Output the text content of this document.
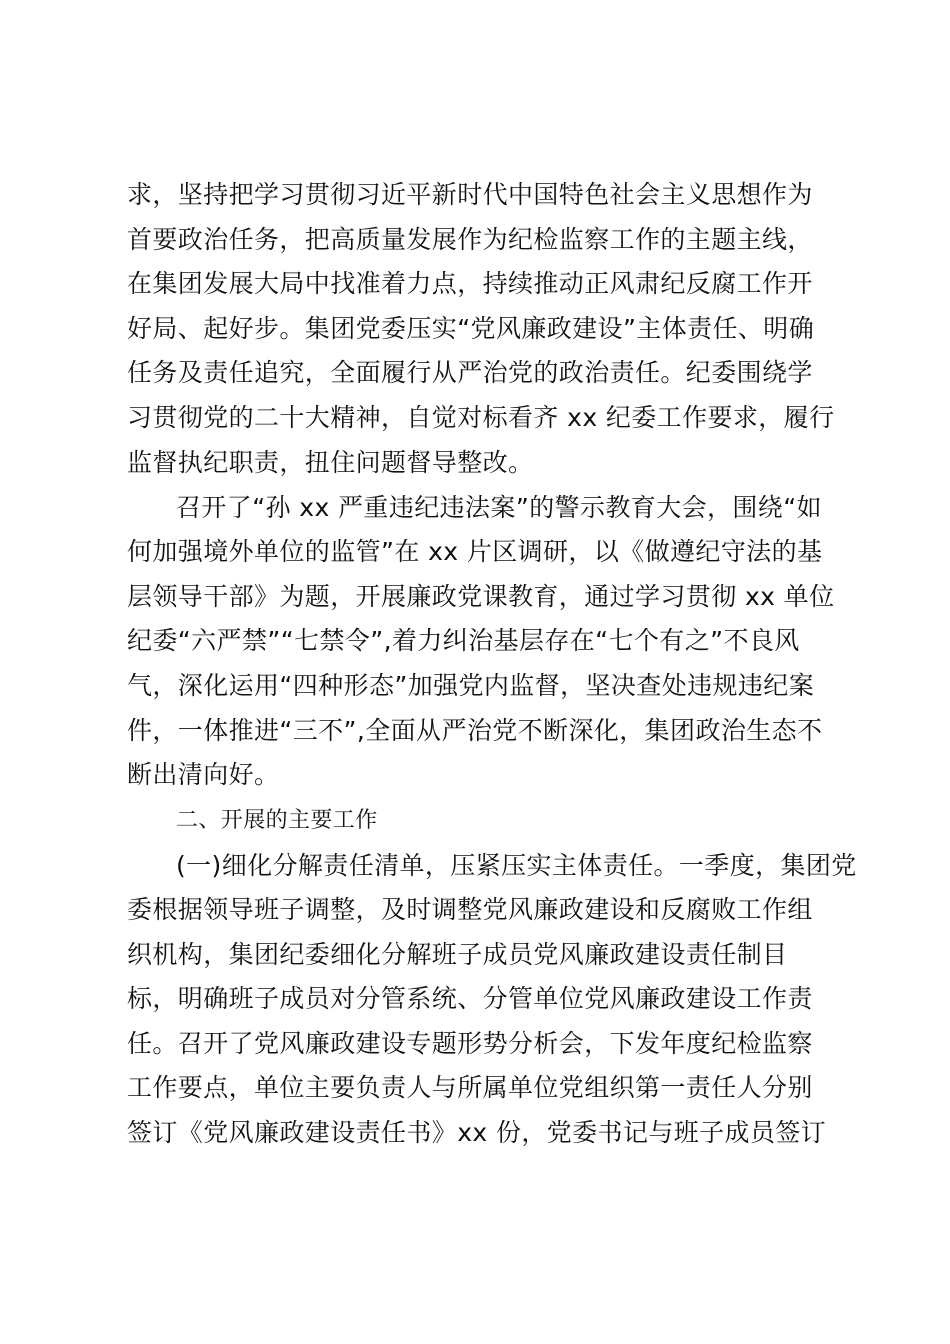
求，坚持把学习贯彻习近平新时代中国特色社会主义思想作为
首要政治任务，把高质量发展作为纪检监察工作的主题主线，
在集团发展大局中找准着力点，持续推动正风肃纪反腐工作开
好局、起好步。集团党委压实“党风廉政建设”主体责任、明确
任务及责任追究，全面履行从严治党的政治责任。纪委围绕学
习贯彻党的二十大精神，自觉对标看齐 xx 纪委工作要求，履行
监督执纪职责，扭住问题督导整改。
召开了“孙 xx 严重违纪违法案”的警示教育大会，围绕“如
何加强境外单位的监管”在 xx 片区调研，以《做遵纪守法的基
层领导干部》为题，开展廉政党课教育，通过学习贯彻 xx 单位
纪委“六严禁”“七禁令”,着力纠治基层存在“七个有之”不良风
气，深化运用“四种形态”加强党内监督，坚决查处违规违纪案
件，一体推进“三不”,全面从严治党不断深化，集团政治生态不
断出清向好。
二、开展的主要工作
(一)细化分解责任清单，压紧压实主体责任。一季度，集团党
委根据领导班子调整，及时调整党风廉政建设和反腐败工作组
织机构，集团纪委细化分解班子成员党风廉政建设责任制目
标，明确班子成员对分管系统、分管单位党风廉政建设工作责
任。召开了党风廉政建设专题形势分析会，下发年度纪检监察
工作要点，单位主要负责人与所属单位党组织第一责任人分别
签订《党风廉政建设责任书》xx 份，党委书记与班子成员签订
